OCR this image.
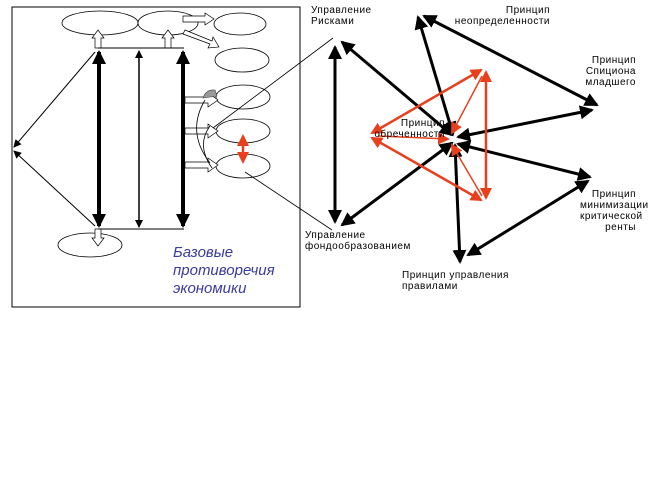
Управление Рисками
Принцип неопределенности
Принцип Спициона младшего
Принцип обреченности
Принцип минимизации критической ренты
Принцип управления правилами
Управление фондообразованием
Базовые противоречия экономики
